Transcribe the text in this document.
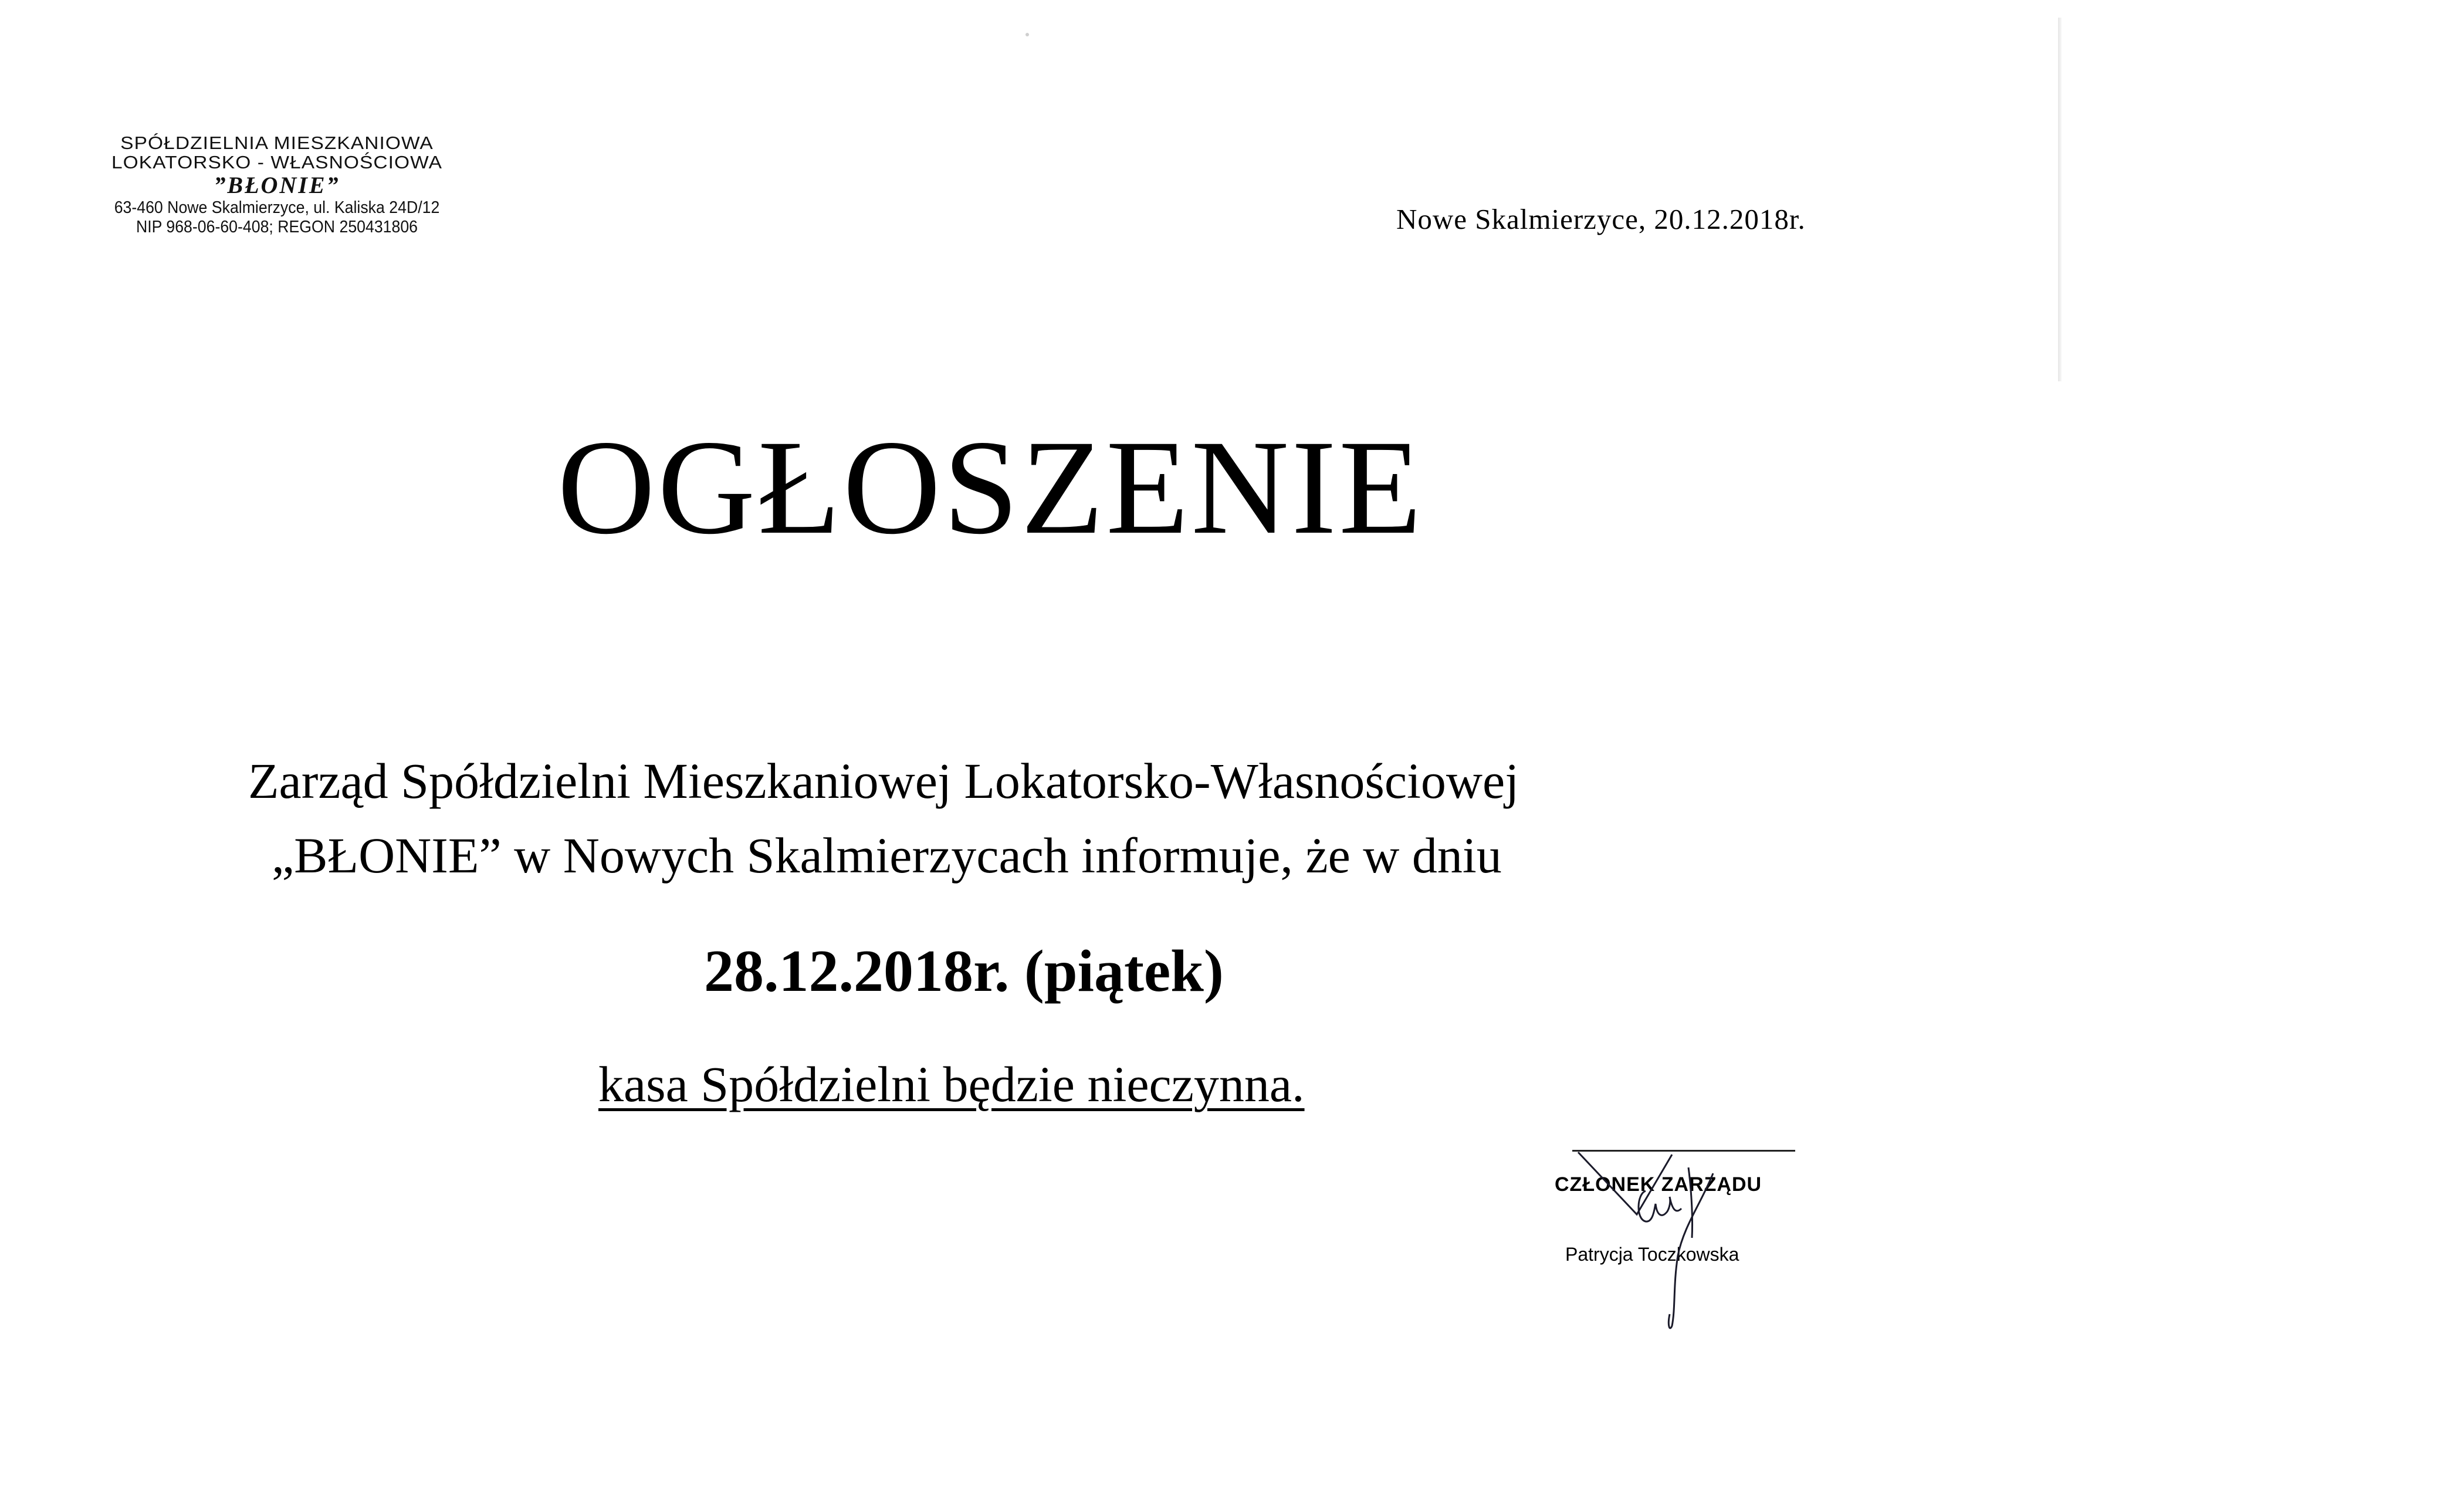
SPÓŁDZIELNIA MIESZKANIOWA
LOKATORSKO - WŁASNOŚCIOWA
”BŁONIE”
63-460 Nowe Skalmierzyce, ul. Kaliska 24D/12
NIP 968-06-60-408; REGON 250431806	Nowe Skalmierzyce, 20.12.2018r.
OGŁOSZENIE
Zarząd Spółdzielni Mieszkaniowej Lokatorsko-Własnościowej
„BŁONIE” w Nowych Skalmierzycach informuje, że w dniu
28.12.2018r. (piątek)
kasa Spółdzielni będzie nieczynna.
CZŁONEK ZARZĄDU
Patrycja Toczkowska
